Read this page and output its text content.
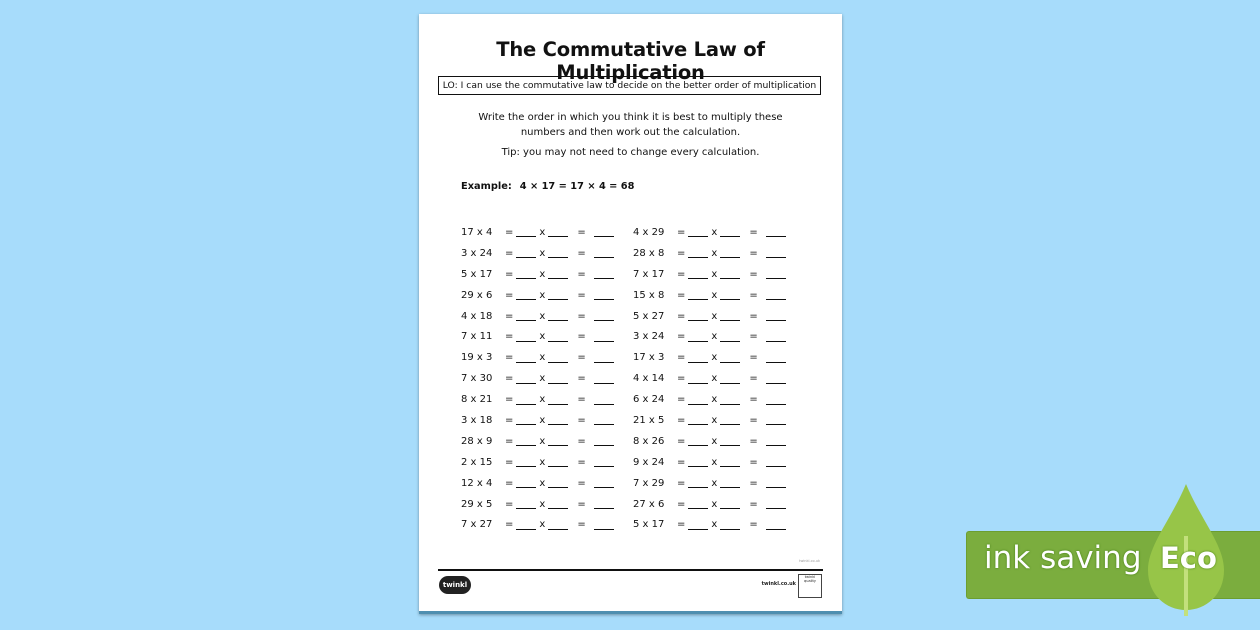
The Commutative Law of Multiplication
LO: I can use the commutative law to decide on the better order of multiplication
Write the order in which you think it is best to multiply these
numbers and then work out the calculation.
Tip: you may not need to change every calculation.
Example: 4 × 17 = 17 × 4 = 68
17 x 4	=	x	=
3 x 24	=	x	=
5 x 17	=	x	=
29 x 6	=	x	=
4 x 18	=	x	=
7 x 11	=	x	=
19 x 3	=	x	=
7 x 30	=	x	=
8 x 21	=	x	=
3 x 18	=	x	=
28 x 9	=	x	=
2 x 15	=	x	=
12 x 4	=	x	=
29 x 5	=	x	=
7 x 27	=	x	=
4 x 29	=	x	=
28 x 8	=	x	=
7 x 17	=	x	=
15 x 8	=	x	=
5 x 27	=	x	=
3 x 24	=	x	=
17 x 3	=	x	=
4 x 14	=	x	=
6 x 24	=	x	=
21 x 5	=	x	=
8 x 26	=	x	=
9 x 24	=	x	=
7 x 29	=	x	=
27 x 6	=	x	=
5 x 17	=	x	=
twinkl.co.uk
twinkl	twinkl.co.uk
twinkl quality
ink saving Eco
